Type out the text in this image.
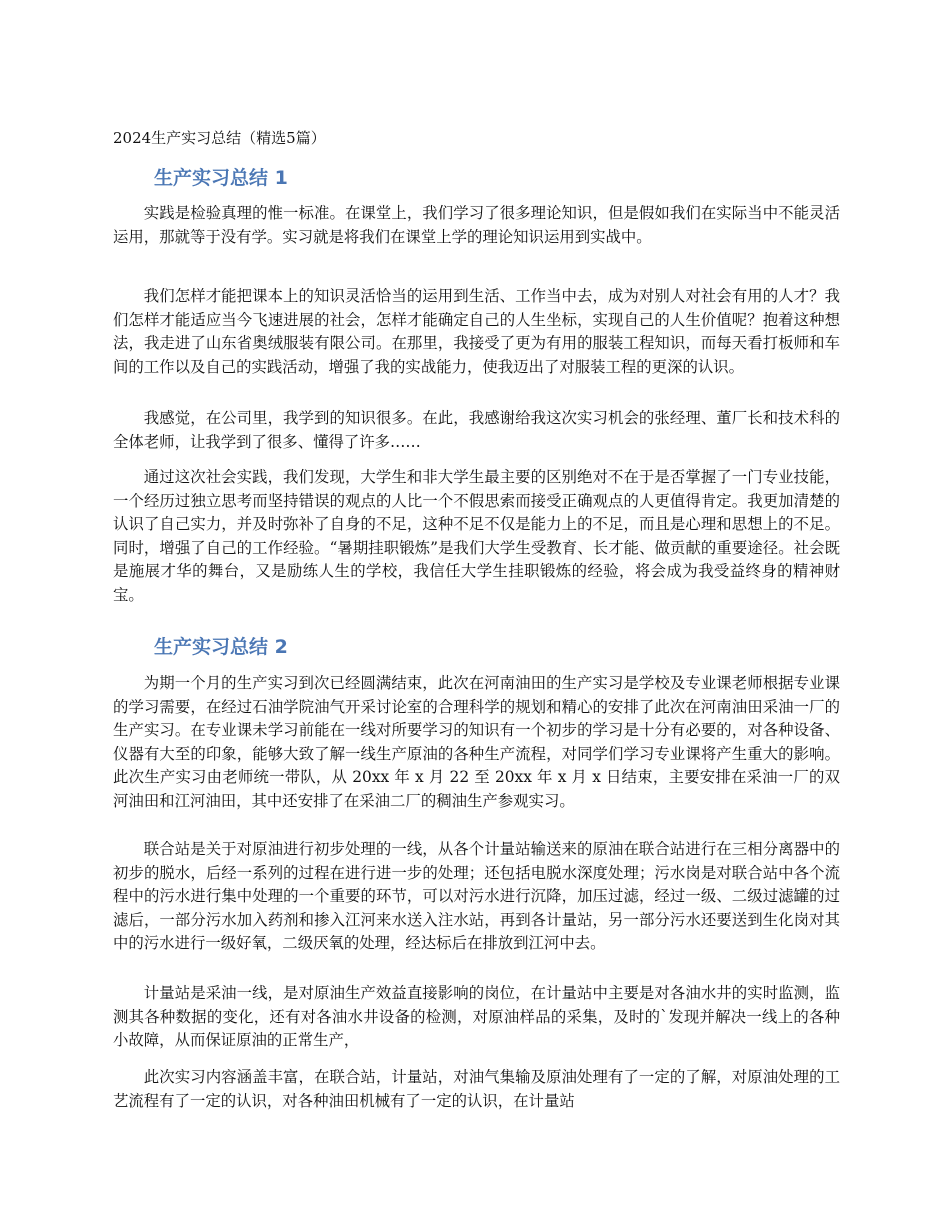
2024生产实习总结（精选5篇）
生产实习总结 1

实践是检验真理的惟一标准。在课堂上，我们学习了很多理论知识，但是假如我们在实际当中不能灵活运用，那就等于没有学。实习就是将我们在课堂上学的理论知识运用到实战中。

我们怎样才能把课本上的知识灵活恰当的运用到生活、工作当中去，成为对别人对社会有用的人才？我们怎样才能适应当今飞速进展的社会，怎样才能确定自己的人生坐标，实现自己的人生价值呢？抱着这种想法，我走进了山东省奥绒服装有限公司。在那里，我接受了更为有用的服装工程知识，而每天看打板师和车间的工作以及自己的实践活动，增强了我的实战能力，使我迈出了对服装工程的更深的认识。

我感觉，在公司里，我学到的知识很多。在此，我感谢给我这次实习机会的张经理、董厂长和技术科的全体老师，让我学到了很多、懂得了许多……

通过这次社会实践，我们发现，大学生和非大学生最主要的区别绝对不在于是否掌握了一门专业技能，一个经历过独立思考而坚持错误的观点的人比一个不假思索而接受正确观点的人更值得肯定。我更加清楚的认识了自己实力，并及时弥补了自身的不足，这种不足不仅是能力上的不足，而且是心理和思想上的不足。同时，增强了自己的工作经验。“暑期挂职锻炼”是我们大学生受教育、长才能、做贡献的重要途径。社会既是施展才华的舞台，又是励练人生的学校，我信任大学生挂职锻炼的经验，将会成为我受益终身的精神财宝。

生产实习总结 2

为期一个月的生产实习到次已经圆满结束，此次在河南油田的生产实习是学校及专业课老师根据专业课的学习需要，在经过石油学院油气开采讨论室的合理科学的规划和精心的安排了此次在河南油田采油一厂的生产实习。在专业课未学习前能在一线对所要学习的知识有一个初步的学习是十分有必要的，对各种设备、仪器有大至的印象，能够大致了解一线生产原油的各种生产流程，对同学们学习专业课将产生重大的影响。此次生产实习由老师统一带队，从 20xx 年 x 月 22 至 20xx 年 x 月 x 日结束，主要安排在采油一厂的双河油田和江河油田，其中还安排了在采油二厂的稠油生产参观实习。

联合站是关于对原油进行初步处理的一线，从各个计量站输送来的原油在联合站进行在三相分离器中的初步的脱水，后经一系列的过程在进行进一步的处理；还包括电脱水深度处理；污水岗是对联合站中各个流程中的污水进行集中处理的一个重要的环节，可以对污水进行沉降，加压过滤，经过一级、二级过滤罐的过滤后，一部分污水加入药剂和掺入江河来水送入注水站，再到各计量站，另一部分污水还要送到生化岗对其中的污水进行一级好氧，二级厌氧的处理，经达标后在排放到江河中去。

计量站是采油一线，是对原油生产效益直接影响的岗位，在计量站中主要是对各油水井的实时监测，监测其各种数据的变化，还有对各油水井设备的检测，对原油样品的采集，及时的`发现并解决一线上的各种小故障，从而保证原油的正常生产，

此次实习内容涵盖丰富，在联合站，计量站，对油气集输及原油处理有了一定的了解，对原油处理的工艺流程有了一定的认识，对各种油田机械有了一定的认识，在计量站
